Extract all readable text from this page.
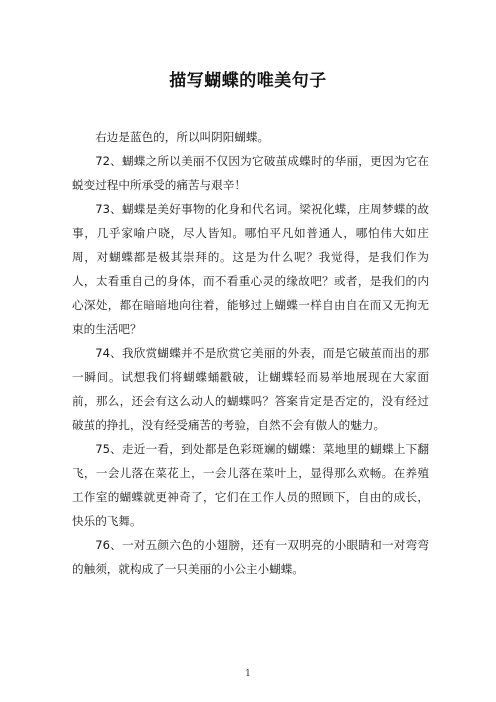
描写蝴蝶的唯美句子

右边是蓝色的，所以叫阴阳蝴蝶。

72、蝴蝶之所以美丽不仅因为它破茧成蝶时的华丽，更因为它在蜕变过程中所承受的痛苦与艰辛！

73、蝴蝶是美好事物的化身和代名词。梁祝化蝶，庄周梦蝶的故事，几乎家喻户晓，尽人皆知。哪怕平凡如普通人，哪怕伟大如庄周，对蝴蝶都是极其崇拜的。这是为什么呢？我觉得，是我们作为人，太看重自己的身体，而不看重心灵的缘故吧？或者，是我们的内心深处，都在暗暗地向往着，能够过上蝴蝶一样自由自在而又无拘无束的生活吧？

74、我欣赏蝴蝶并不是欣赏它美丽的外表，而是它破茧而出的那一瞬间。试想我们将蝴蝶蛹戳破，让蝴蝶轻而易举地展现在大家面前，那么，还会有这么动人的蝴蝶吗？答案肯定是否定的，没有经过破茧的挣扎，没有经受痛苦的考验，自然不会有傲人的魅力。

75、走近一看，到处都是色彩斑斓的蝴蝶：菜地里的蝴蝶上下翻飞，一会儿落在菜花上，一会儿落在菜叶上，显得那么欢畅。在养殖工作室的蝴蝶就更神奇了，它们在工作人员的照顾下，自由的成长，快乐的飞舞。

76、一对五颜六色的小翅膀，还有一双明亮的小眼睛和一对弯弯的触须，就构成了一只美丽的小公主小蝴蝶。

1
